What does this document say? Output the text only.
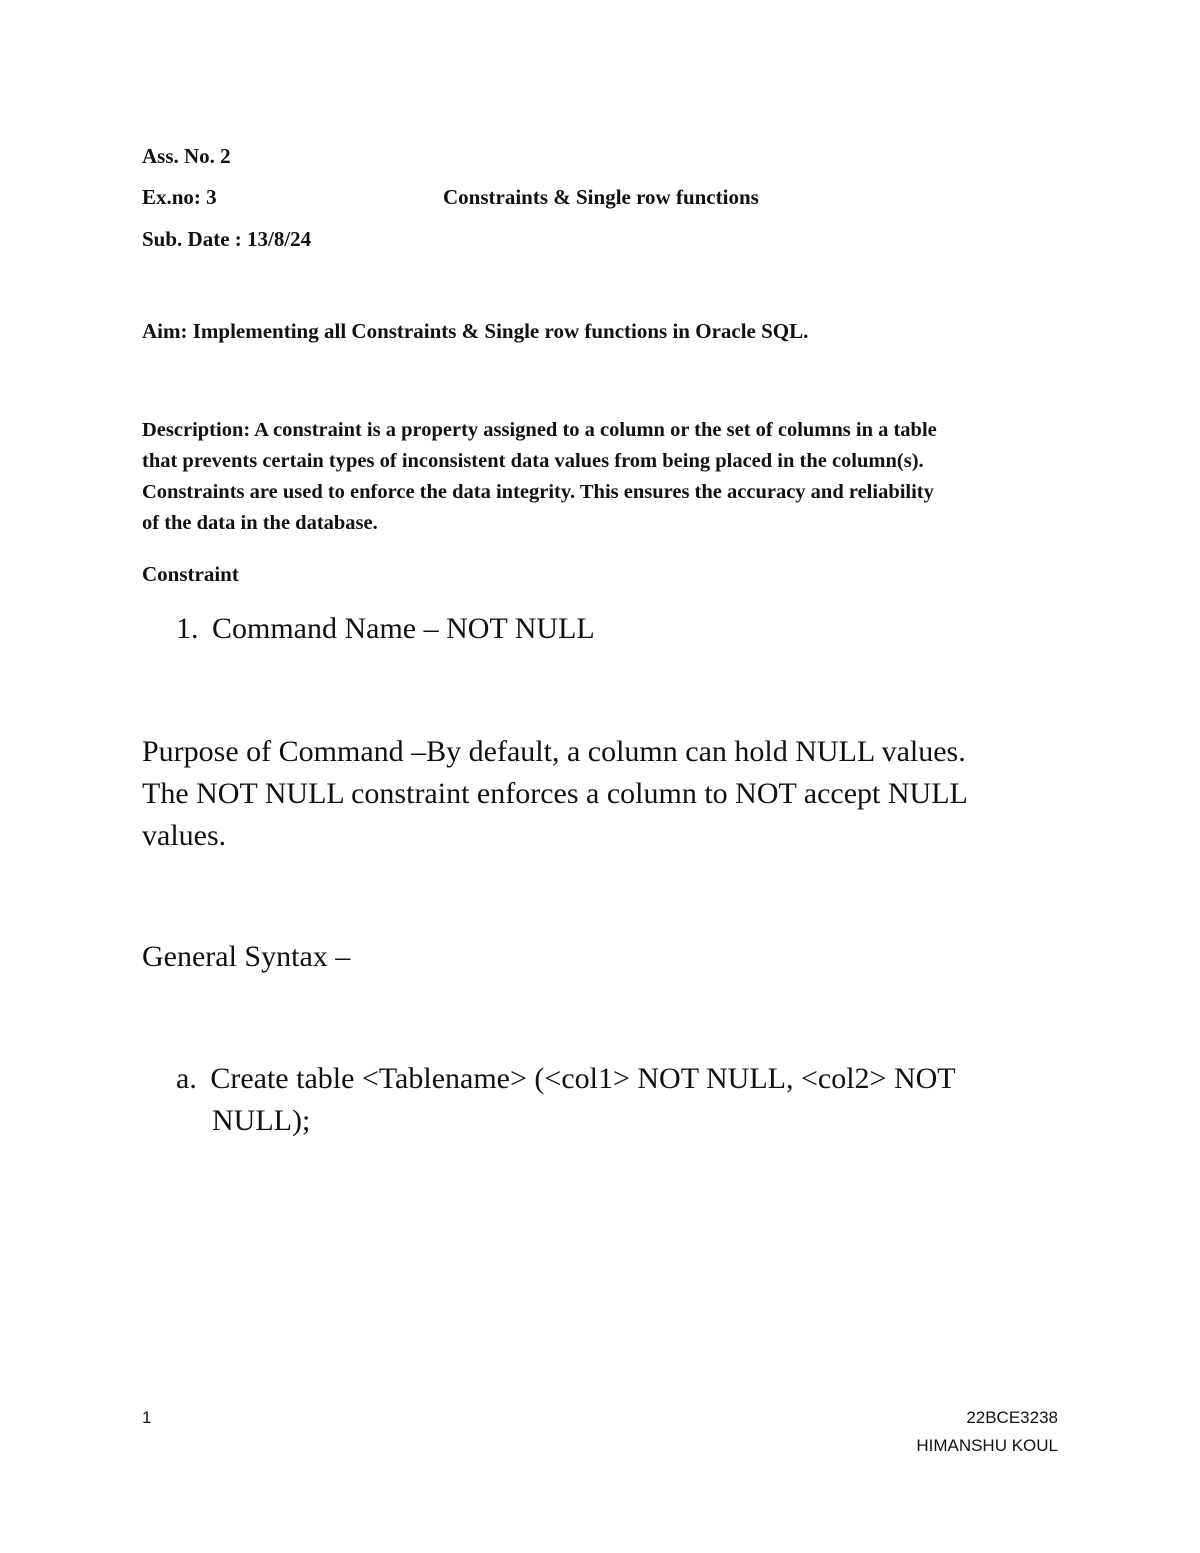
Ass. No. 2
Ex.no: 3	Constraints & Single row functions
Sub. Date : 13/8/24
Aim: Implementing all Constraints & Single row functions in Oracle SQL.

Description: A constraint is a property assigned to a column or the set of columns in a table
that prevents certain types of inconsistent data values from being placed in the column(s).
Constraints are used to enforce the data integrity. This ensures the accuracy and reliability
of the data in the database.

Constraint
1. Command Name – NOT NULL

Purpose of Command –By default, a column can hold NULL values.
The NOT NULL constraint enforces a column to NOT accept NULL
values.

General Syntax –
a. Create table <Tablename> (<col1> NOT NULL, <col2> NOT
NULL);
1	22BCE3238
HIMANSHU KOUL
